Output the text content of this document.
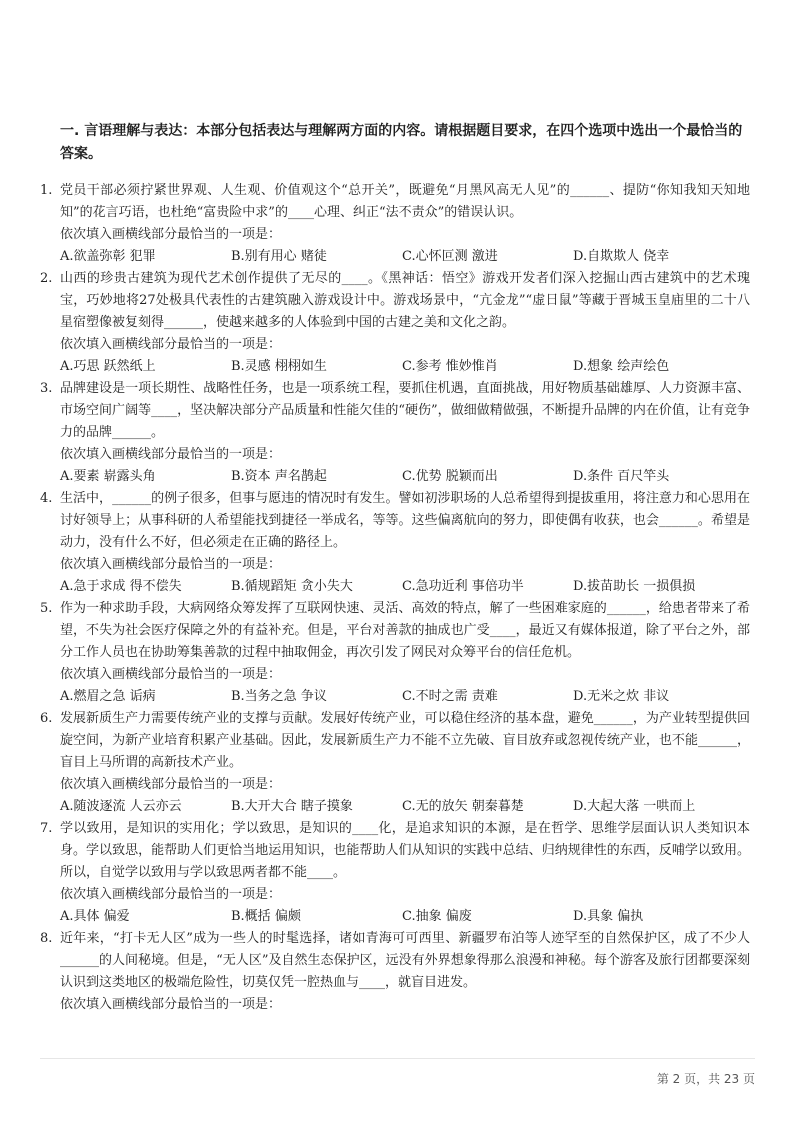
一. 言语理解与表达：本部分包括表达与理解两方面的内容。请根据题目要求，在四个选项中选出一个最恰当的答案。
1. 党员干部必须拧紧世界观、人生观、价值观这个“总开关”，既避免“月黑风高无人见”的______、提防“你知我知天知地知”的花言巧语，也杜绝“富贵险中求”的____心理、纠正“法不责众”的错误认识。
依次填入画横线部分最恰当的一项是：
A.欲盖弥彰 犯罪	B.别有用心 赌徒	C.心怀叵测 激进	D.自欺欺人 侥幸
2. 山西的珍贵古建筑为现代艺术创作提供了无尽的____。《黑神话：悟空》游戏开发者们深入挖掘山西古建筑中的艺术瑰宝，巧妙地将27处极具代表性的古建筑融入游戏设计中。游戏场景中，“亢金龙”“虚日鼠”等藏于晋城玉皇庙里的二十八星宿塑像被复刻得______，使越来越多的人体验到中国的古建之美和文化之韵。
依次填入画横线部分最恰当的一项是：
A.巧思 跃然纸上	B.灵感 栩栩如生	C.参考 惟妙惟肖	D.想象 绘声绘色
3. 品牌建设是一项长期性、战略性任务，也是一项系统工程，要抓住机遇，直面挑战，用好物质基础雄厚、人力资源丰富、市场空间广阔等____，坚决解决部分产品质量和性能欠佳的“硬伤”，做细做精做强，不断提升品牌的内在价值，让有竞争力的品牌______。
依次填入画横线部分最恰当的一项是：
A.要素 崭露头角	B.资本 声名鹊起	C.优势 脱颖而出	D.条件 百尺竿头
4. 生活中，______的例子很多，但事与愿违的情况时有发生。譬如初涉职场的人总希望得到提拔重用，将注意力和心思用在讨好领导上；从事科研的人希望能找到捷径一举成名，等等。这些偏离航向的努力，即使偶有收获，也会______。希望是动力，没有什么不好，但必须走在正确的路径上。
依次填入画横线部分最恰当的一项是：
A.急于求成 得不偿失	B.循规蹈矩 贪小失大	C.急功近利 事倍功半	D.拔苗助长 一损俱损
5. 作为一种求助手段，大病网络众筹发挥了互联网快速、灵活、高效的特点，解了一些困难家庭的______，给患者带来了希望，不失为社会医疗保障之外的有益补充。但是，平台对善款的抽成也广受____，最近又有媒体报道，除了平台之外，部分工作人员也在协助筹集善款的过程中抽取佣金，再次引发了网民对众筹平台的信任危机。
依次填入画横线部分最恰当的一项是：
A.燃眉之急 诟病	B.当务之急 争议	C.不时之需 责难	D.无米之炊 非议
6. 发展新质生产力需要传统产业的支撑与贡献。发展好传统产业，可以稳住经济的基本盘，避免______，为产业转型提供回旋空间，为新产业培育积累产业基础。因此，发展新质生产力不能不立先破、盲目放弃或忽视传统产业，也不能______，盲目上马所谓的高新技术产业。
依次填入画横线部分最恰当的一项是：
A.随波逐流 人云亦云	B.大开大合 瞎子摸象	C.无的放矢 朝秦暮楚	D.大起大落 一哄而上
7. 学以致用，是知识的实用化；学以致思，是知识的____化，是追求知识的本源，是在哲学、思维学层面认识人类知识本身。学以致思，能帮助人们更恰当地运用知识，也能帮助人们从知识的实践中总结、归纳规律性的东西，反哺学以致用。所以，自觉学以致用与学以致思两者都不能____。
依次填入画横线部分最恰当的一项是：
A.具体 偏爱	B.概括 偏颇	C.抽象 偏废	D.具象 偏执
8. 近年来，“打卡无人区”成为一些人的时髦选择，诸如青海可可西里、新疆罗布泊等人迹罕至的自然保护区，成了不少人______的人间秘境。但是，“无人区”及自然生态保护区，远没有外界想象得那么浪漫和神秘。每个游客及旅行团都要深刻认识到这类地区的极端危险性，切莫仅凭一腔热血与____，就盲目进发。
依次填入画横线部分最恰当的一项是：
第 2 页，共 23 页
